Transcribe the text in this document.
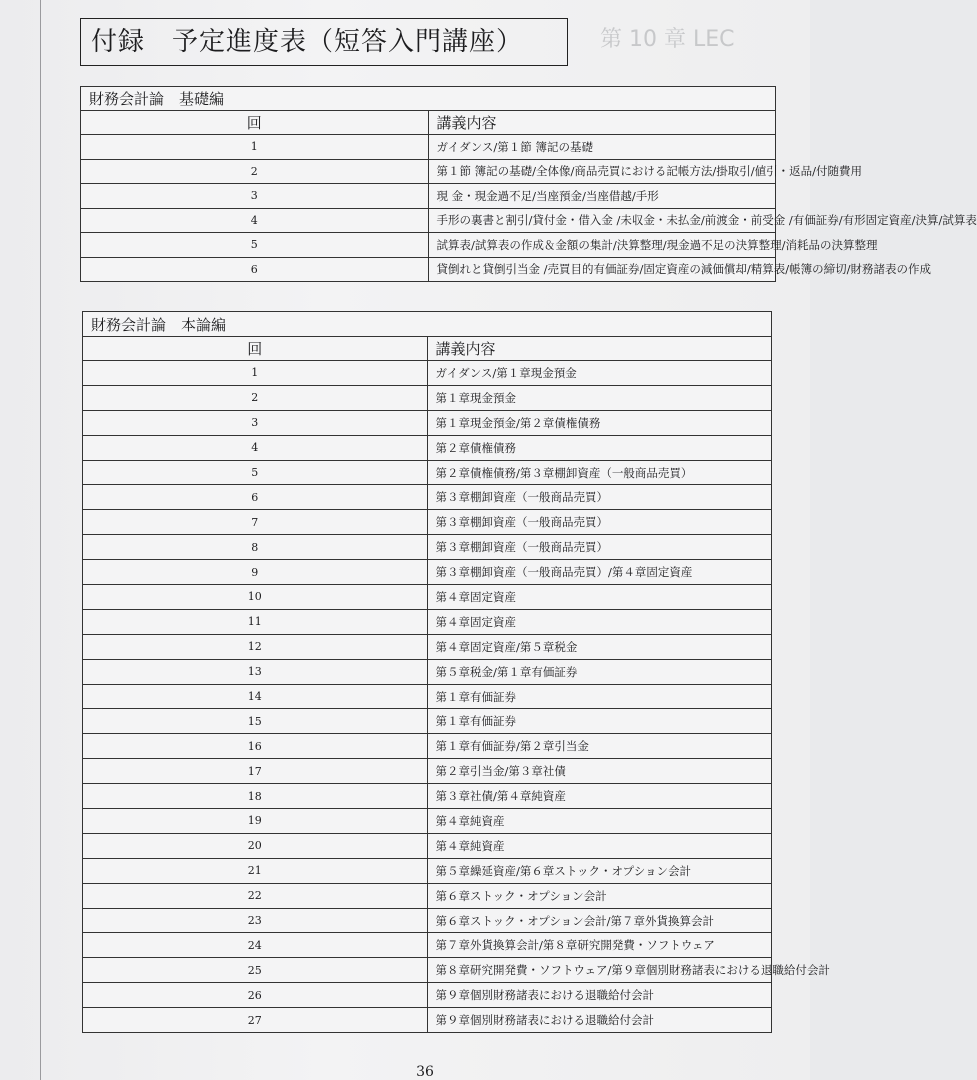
第 10 章 LEC
付録　予定進度表（短答入門講座）
財務会計論　基礎編	
回	講義内容
1	ガイダンス/第１節 簿記の基礎
2	第１節 簿記の基礎/全体像/商品売買における記帳方法/掛取引/値引・返品/付随費用
3	現 金・現金過不足/当座預金/当座借越/手形
4	手形の裏書と割引/貸付金・借入金 /未収金・未払金/前渡金・前受金 /有価証券/有形固定資産/決算/試算表
5	試算表/試算表の作成＆金額の集計/決算整理/現金過不足の決算整理/消耗品の決算整理
6	貸倒れと貸倒引当金 /売買目的有価証券/固定資産の減価償却/精算表/帳簿の締切/財務諸表の作成
財務会計論　本論編	
回	講義内容
1	ガイダンス/第１章現金預金
2	第１章現金預金
3	第１章現金預金/第２章債権債務
4	第２章債権債務
5	第２章債権債務/第３章棚卸資産（一般商品売買）
6	第３章棚卸資産（一般商品売買）
7	第３章棚卸資産（一般商品売買）
8	第３章棚卸資産（一般商品売買）
9	第３章棚卸資産（一般商品売買）/第４章固定資産
10	第４章固定資産
11	第４章固定資産
12	第４章固定資産/第５章税金
13	第５章税金/第１章有価証券
14	第１章有価証券
15	第１章有価証券
16	第１章有価証券/第２章引当金
17	第２章引当金/第３章社債
18	第３章社債/第４章純資産
19	第４章純資産
20	第４章純資産
21	第５章繰延資産/第６章ストック・オプション会計
22	第６章ストック・オプション会計
23	第６章ストック・オプション会計/第７章外貨換算会計
24	第７章外貨換算会計/第８章研究開発費・ソフトウェア
25	第８章研究開発費・ソフトウェア/第９章個別財務諸表における退職給付会計
26	第９章個別財務諸表における退職給付会計
27	第９章個別財務諸表における退職給付会計
36
